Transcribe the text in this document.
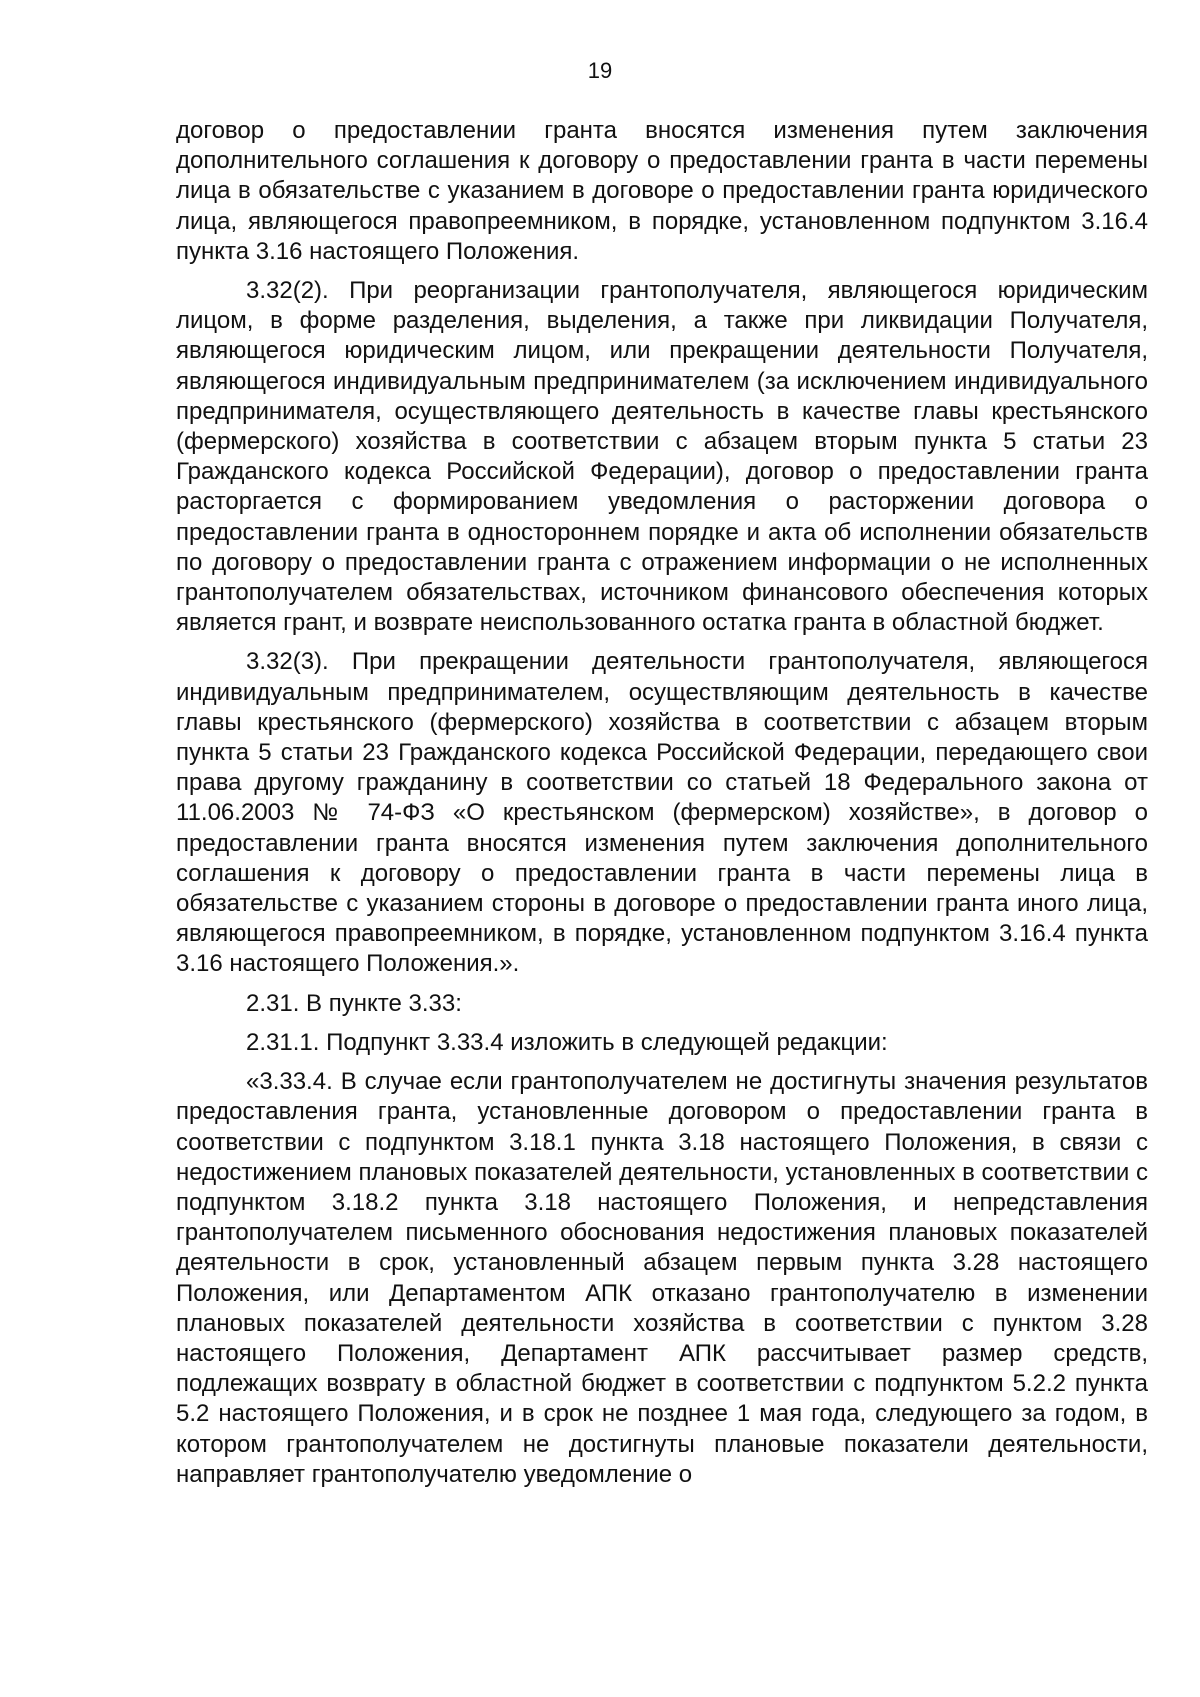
19

договор о предоставлении гранта вносятся изменения путем заключения дополнительного соглашения к договору о предоставлении гранта в части перемены лица в обязательстве с указанием в договоре о предоставлении гранта юридического лица, являющегося правопреемником, в порядке, установленном подпунктом 3.16.4 пункта 3.16 настоящего Положения.

3.32(2). При реорганизации грантополучателя, являющегося юридическим лицом, в форме разделения, выделения, а также при ликвидации Получателя, являющегося юридическим лицом, или прекращении деятельности Получателя, являющегося индивидуальным предпринимателем (за исключением индивидуального предпринимателя, осуществляющего деятельность в качестве главы крестьянского (фермерского) хозяйства в соответствии с абзацем вторым пункта 5 статьи 23 Гражданского кодекса Российской Федерации), договор о предоставлении гранта расторгается с формированием уведомления о расторжении договора о предоставлении гранта в одностороннем порядке и акта об исполнении обязательств по договору о предоставлении гранта с отражением информации о не исполненных грантополучателем обязательствах, источником финансового обеспечения которых является грант, и возврате неиспользованного остатка гранта в областной бюджет.

3.32(3). При прекращении деятельности грантополучателя, являющегося индивидуальным предпринимателем, осуществляющим деятельность в качестве главы крестьянского (фермерского) хозяйства в соответствии с абзацем вторым пункта 5 статьи 23 Гражданского кодекса Российской Федерации, передающего свои права другому гражданину в соответствии со статьей 18 Федерального закона от 11.06.2003 № 74-ФЗ «О крестьянском (фермерском) хозяйстве», в договор о предоставлении гранта вносятся изменения путем заключения дополнительного соглашения к договору о предоставлении гранта в части перемены лица в обязательстве с указанием стороны в договоре о предоставлении гранта иного лица, являющегося правопреемником, в порядке, установленном подпунктом 3.16.4 пункта 3.16 настоящего Положения.».

2.31. В пункте 3.33:

2.31.1. Подпункт 3.33.4 изложить в следующей редакции:

«3.33.4. В случае если грантополучателем не достигнуты значения результатов предоставления гранта, установленные договором о предоставлении гранта в соответствии с подпунктом 3.18.1 пункта 3.18 настоящего Положения, в связи с недостижением плановых показателей деятельности, установленных в соответствии с подпунктом 3.18.2 пункта 3.18 настоящего Положения, и непредставления грантополучателем письменного обоснования недостижения плановых показателей деятельности в срок, установленный абзацем первым пункта 3.28 настоящего Положения, или Департаментом АПК отказано грантополучателю в изменении плановых показателей деятельности хозяйства в соответствии с пунктом 3.28 настоящего Положения, Департамент АПК рассчитывает размер средств, подлежащих возврату в областной бюджет в соответствии с подпунктом 5.2.2 пункта 5.2 настоящего Положения, и в срок не позднее 1 мая года, следующего за годом, в котором грантополучателем не достигнуты плановые показатели деятельности, направляет грантополучателю уведомление о
